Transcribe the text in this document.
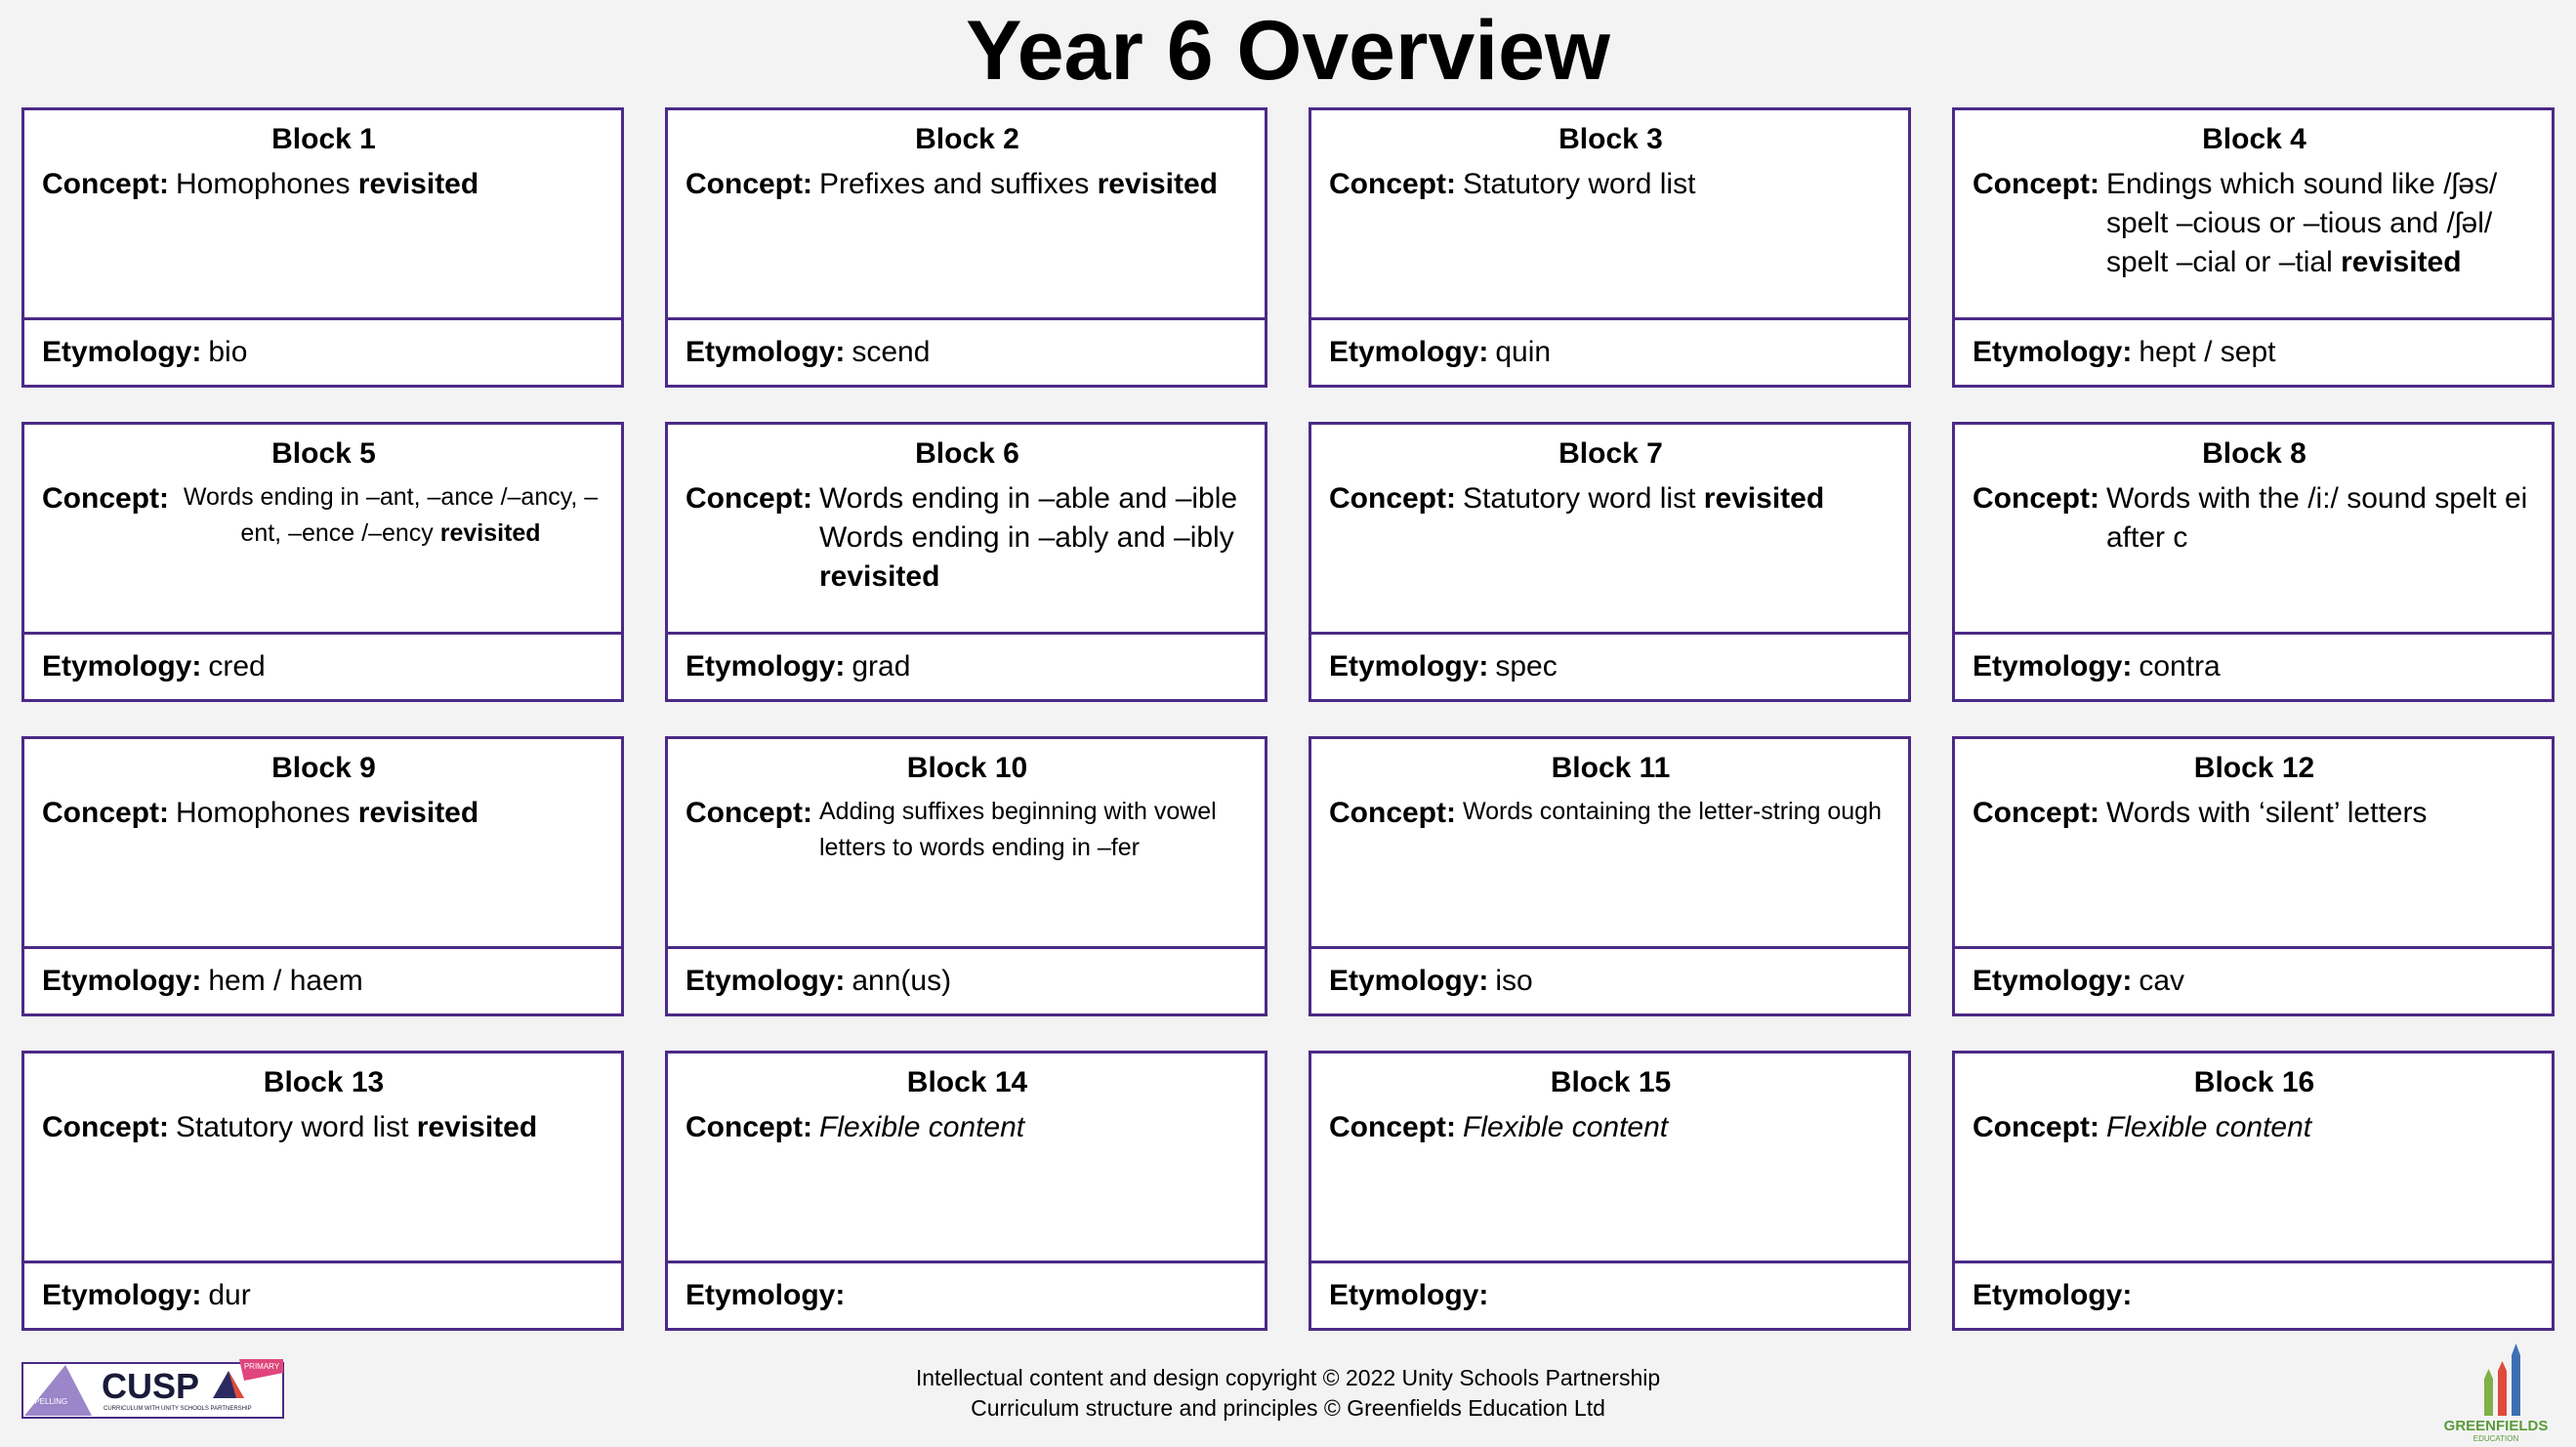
Year 6 Overview
Block 1
Concept: Homophones revisited
Etymology: bio
Block 2
Concept: Prefixes and suffixes revisited
Etymology: scend
Block 3
Concept: Statutory word list
Etymology: quin
Block 4
Concept: Endings which sound like /ʃəs/ spelt –cious or –tious and /ʃəl/ spelt –cial or –tial revisited
Etymology: hept / sept
Block 5
Concept: Words ending in –ant, –ance /–ancy, –ent, –ence /–ency revisited
Etymology: cred
Block 6
Concept: Words ending in –able and –ible Words ending in –ably and –ibly revisited
Etymology: grad
Block 7
Concept: Statutory word list revisited
Etymology: spec
Block 8
Concept: Words with the /i:/ sound spelt ei after c
Etymology: contra
Block 9
Concept: Homophones revisited
Etymology: hem / haem
Block 10
Concept: Adding suffixes beginning with vowel letters to words ending in –fer
Etymology: ann(us)
Block 11
Concept: Words containing the letter-string ough
Etymology: iso
Block 12
Concept: Words with ‘silent’ letters
Etymology: cav
Block 13
Concept: Statutory word list revisited
Etymology: dur
Block 14
Concept: Flexible content
Etymology:
Block 15
Concept: Flexible content
Etymology:
Block 16
Concept: Flexible content
Etymology:
PRIMARY
SPELLING CUSP
CURRICULUM WITH UNITY SCHOOLS PARTNERSHIP
Intellectual content and design copyright © 2022 Unity Schools Partnership
Curriculum structure and principles © Greenfields Education Ltd
GREENFIELDS
EDUCATION
